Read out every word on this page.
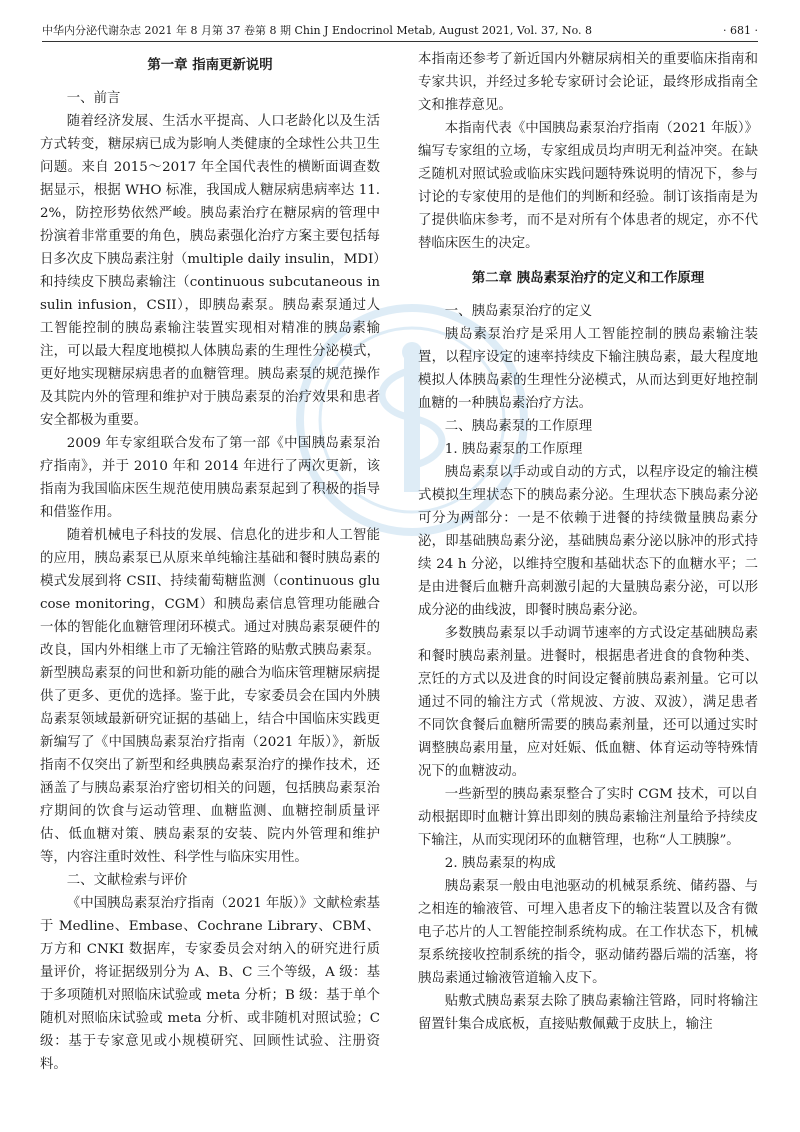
中华内分泌代谢杂志 2021 年 8 月第 37 卷第 8 期 Chin J Endocrinol Metab, August 2021, Vol. 37, No. 8	· 681 ·
第一章 指南更新说明

一、前言

随着经济发展、生活水平提高、人口老龄化以及生活方式转变，糖尿病已成为影响人类健康的全球性公共卫生问题。来自 2015～2017 年全国代表性的横断面调查数据显示，根据 WHO 标准，我国成人糖尿病患病率达 11.2%，防控形势依然严峻。胰岛素治疗在糖尿病的管理中扮演着非常重要的角色，胰岛素强化治疗方案主要包括每日多次皮下胰岛素注射（multiple daily insulin，MDI）和持续皮下胰岛素输注（continuous subcutaneous insulin infusion，CSII），即胰岛素泵。胰岛素泵通过人工智能控制的胰岛素输注装置实现相对精准的胰岛素输注，可以最大程度地模拟人体胰岛素的生理性分泌模式，更好地实现糖尿病患者的血糖管理。胰岛素泵的规范操作及其院内外的管理和维护对于胰岛素泵的治疗效果和患者安全都极为重要。

2009 年专家组联合发布了第一部《中国胰岛素泵治疗指南》，并于 2010 年和 2014 年进行了两次更新，该指南为我国临床医生规范使用胰岛素泵起到了积极的指导和借鉴作用。

随着机械电子科技的发展、信息化的进步和人工智能的应用，胰岛素泵已从原来单纯输注基础和餐时胰岛素的模式发展到将 CSII、持续葡萄糖监测（continuous glucose monitoring，CGM）和胰岛素信息管理功能融合一体的智能化血糖管理闭环模式。通过对胰岛素泵硬件的改良，国内外相继上市了无输注管路的贴敷式胰岛素泵。新型胰岛素泵的问世和新功能的融合为临床管理糖尿病提供了更多、更优的选择。鉴于此，专家委员会在国内外胰岛素泵领域最新研究证据的基础上，结合中国临床实践更新编写了《中国胰岛素泵治疗指南（2021 年版）》，新版指南不仅突出了新型和经典胰岛素泵治疗的操作技术，还涵盖了与胰岛素泵治疗密切相关的问题，包括胰岛素泵治疗期间的饮食与运动管理、血糖监测、血糖控制质量评估、低血糖对策、胰岛素泵的安装、院内外管理和维护等，内容注重时效性、科学性与临床实用性。

二、文献检索与评价

《中国胰岛素泵治疗指南（2021 年版）》文献检索基于 Medline、Embase、Cochrane Library、CBM、万方和 CNKI 数据库，专家委员会对纳入的研究进行质量评价，将证据级别分为 A、B、C 三个等级，A 级：基于多项随机对照临床试验或 meta 分析；B 级：基于单个随机对照临床试验或 meta 分析、或非随机对照试验；C 级：基于专家意见或小规模研究、回顾性试验、注册资料。

本指南还参考了新近国内外糖尿病相关的重要临床指南和专家共识，并经过多轮专家研讨会论证，最终形成指南全文和推荐意见。

本指南代表《中国胰岛素泵治疗指南（2021 年版）》编写专家组的立场，专家组成员均声明无利益冲突。在缺乏随机对照试验或临床实践问题特殊说明的情况下，参与讨论的专家使用的是他们的判断和经验。制订该指南是为了提供临床参考，而不是对所有个体患者的规定，亦不代替临床医生的决定。

第二章 胰岛素泵治疗的定义和工作原理

一、胰岛素泵治疗的定义

胰岛素泵治疗是采用人工智能控制的胰岛素输注装置，以程序设定的速率持续皮下输注胰岛素，最大程度地模拟人体胰岛素的生理性分泌模式，从而达到更好地控制血糖的一种胰岛素治疗方法。

二、胰岛素泵的工作原理

1. 胰岛素泵的工作原理

胰岛素泵以手动或自动的方式，以程序设定的输注模式模拟生理状态下的胰岛素分泌。生理状态下胰岛素分泌可分为两部分：一是不依赖于进餐的持续微量胰岛素分泌，即基础胰岛素分泌，基础胰岛素分泌以脉冲的形式持续 24 h 分泌，以维持空腹和基础状态下的血糖水平；二是由进餐后血糖升高刺激引起的大量胰岛素分泌，可以形成分泌的曲线波，即餐时胰岛素分泌。

多数胰岛素泵以手动调节速率的方式设定基础胰岛素和餐时胰岛素剂量。进餐时，根据患者进食的食物种类、烹饪的方式以及进食的时间设定餐前胰岛素剂量。它可以通过不同的输注方式（常规波、方波、双波），满足患者不同饮食餐后血糖所需要的胰岛素剂量，还可以通过实时调整胰岛素用量，应对妊娠、低血糖、体育运动等特殊情况下的血糖波动。

一些新型的胰岛素泵整合了实时 CGM 技术，可以自动根据即时血糖计算出即刻的胰岛素输注剂量给予持续皮下输注，从而实现闭环的血糖管理，也称“人工胰腺”。

2. 胰岛素泵的构成

胰岛素泵一般由电池驱动的机械泵系统、储药器、与之相连的输液管、可埋入患者皮下的输注装置以及含有微电子芯片的人工智能控制系统构成。在工作状态下，机械泵系统接收控制系统的指令，驱动储药器后端的活塞，将胰岛素通过输液管道输入皮下。

贴敷式胰岛素泵去除了胰岛素输注管路，同时将输注留置针集合成底板，直接贴敷佩戴于皮肤上，输注
